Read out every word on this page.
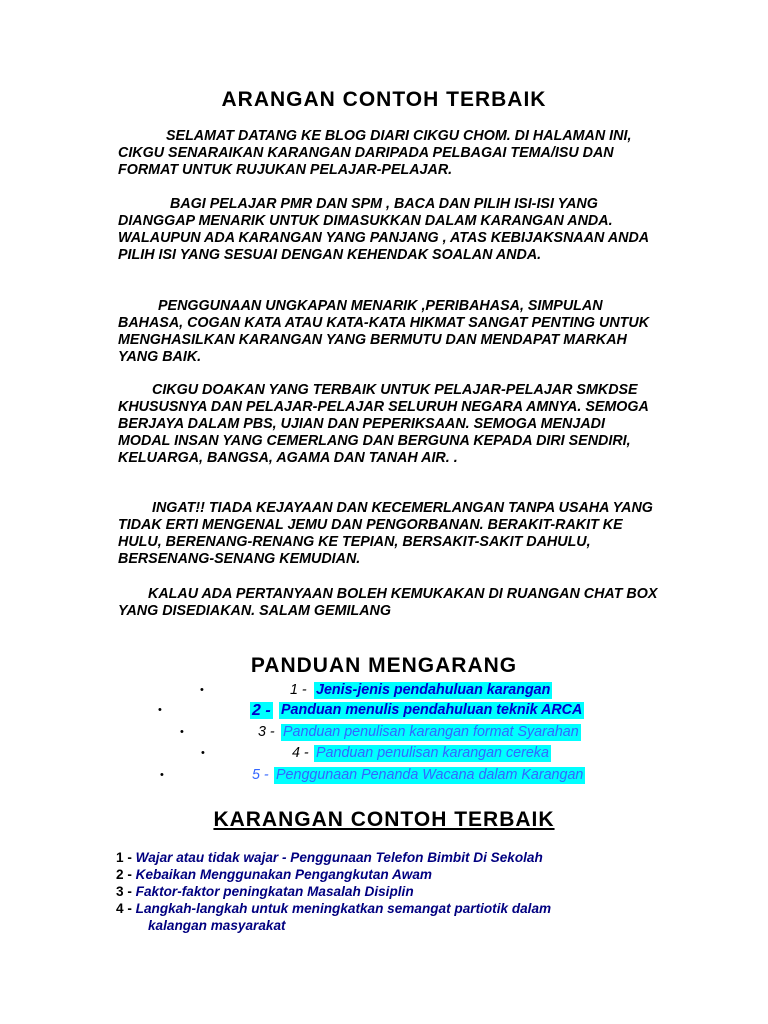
ARANGAN CONTOH TERBAIK

SELAMAT DATANG KE BLOG DIARI CIKGU CHOM. DI HALAMAN INI, CIKGU SENARAIKAN KARANGAN DARIPADA PELBAGAI TEMA/ISU DAN FORMAT UNTUK RUJUKAN PELAJAR-PELAJAR.

BAGI PELAJAR PMR DAN SPM , BACA DAN PILIH ISI-ISI YANG DIANGGAP MENARIK UNTUK DIMASUKKAN DALAM KARANGAN ANDA. WALAUPUN ADA KARANGAN YANG PANJANG , ATAS KEBIJAKSNAAN ANDA PILIH ISI YANG SESUAI DENGAN KEHENDAK SOALAN ANDA.

PENGGUNAAN UNGKAPAN MENARIK ,PERIBAHASA, SIMPULAN BAHASA, COGAN KATA ATAU KATA-KATA HIKMAT SANGAT PENTING UNTUK MENGHASILKAN KARANGAN YANG BERMUTU DAN MENDAPAT MARKAH YANG BAIK.

CIKGU DOAKAN YANG TERBAIK UNTUK PELAJAR-PELAJAR SMKDSE KHUSUSNYA DAN PELAJAR-PELAJAR SELURUH NEGARA AMNYA. SEMOGA BERJAYA DALAM PBS, UJIAN DAN PEPERIKSAAN. SEMOGA MENJADI MODAL INSAN YANG CEMERLANG DAN BERGUNA KEPADA DIRI SENDIRI, KELUARGA, BANGSA, AGAMA DAN TANAH AIR. .

INGAT!! TIADA KEJAYAAN DAN KECEMERLANGAN TANPA USAHA YANG TIDAK ERTI MENGENAL JEMU DAN PENGORBANAN. BERAKIT-RAKIT KE HULU, BERENANG-RENANG KE TEPIAN, BERSAKIT-SAKIT DAHULU, BERSENANG-SENANG KEMUDIAN.

KALAU ADA PERTANYAAN BOLEH KEMUKAKAN DI RUANGAN CHAT BOX YANG DISEDIAKAN. SALAM GEMILANG

PANDUAN MENGARANG
•	1 - Jenis-jenis pendahuluan karangan
•	2 - Panduan menulis pendahuluan teknik ARCA
•	3 - Panduan penulisan karangan format Syarahan
•	4 - Panduan penulisan karangan cereka
•	5 - Penggunaan Penanda Wacana dalam Karangan
KARANGAN CONTOH TERBAIK
1 - Wajar atau tidak wajar - Penggunaan Telefon Bimbit Di Sekolah
2 - Kebaikan Menggunakan Pengangkutan Awam
3 - Faktor-faktor peningkatan Masalah Disiplin
4 - Langkah-langkah untuk meningkatkan semangat partiotik dalam
kalangan masyarakat
